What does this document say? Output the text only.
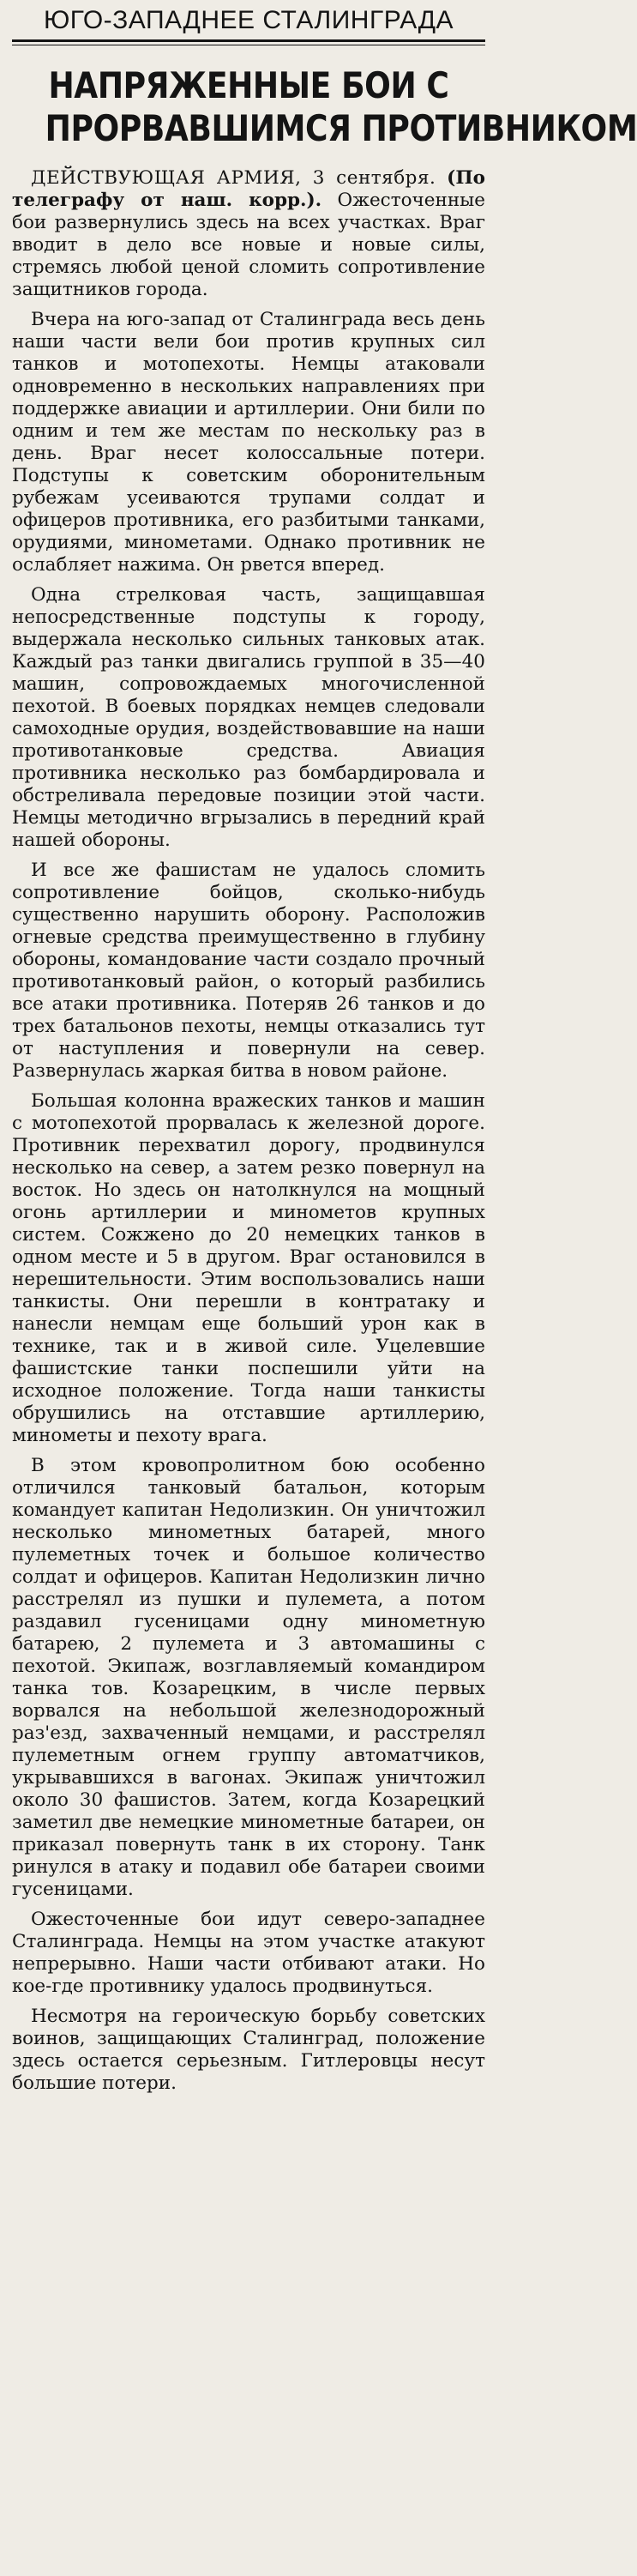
ЮГО-ЗАПАДНЕЕ СТАЛИНГРАДА
НАПРЯЖЕННЫЕ БОИ С
ПРОРВАВШИМСЯ ПРОТИВНИКОМ

ДЕЙСТВУЮЩАЯ АРМИЯ, 3 сентября. (По телеграфу от наш. корр.). Ожесточенные бои развернулись здесь на всех участках. Враг вводит в дело все новые и новые силы, стремясь любой ценой сломить сопротивление защитников города.

Вчера на юго-запад от Сталинграда весь день наши части вели бои против крупных сил танков и мотопехоты. Немцы атаковали одновременно в нескольких направлениях при поддержке авиации и артиллерии. Они били по одним и тем же местам по нескольку раз в день. Враг несет колоссальные потери. Подступы к советским оборонительным рубежам усеиваются трупами солдат и офицеров противника, его разбитыми танками, орудиями, минометами. Однако противник не ослабляет нажима. Он рвется вперед.

Одна стрелковая часть, защищавшая непосредственные подступы к городу, выдержала несколько сильных танковых атак. Каждый раз танки двигались группой в 35—40 машин, сопровождаемых многочисленной пехотой. В боевых порядках немцев следовали самоходные орудия, воздействовавшие на наши противотанковые средства. Авиация противника несколько раз бомбардировала и обстреливала передовые позиции этой части. Немцы методично вгрызались в передний край нашей обороны.

И все же фашистам не удалось сломить сопротивление бойцов, сколько-нибудь существенно нарушить оборону. Расположив огневые средства преимущественно в глубину обороны, командование части создало прочный противотанковый район, о который разбились все атаки противника. Потеряв 26 танков и до трех батальонов пехоты, немцы отказались тут от наступления и повернули на север. Развернулась жаркая битва в новом районе.

Большая колонна вражеских танков и машин с мотопехотой прорвалась к железной дороге. Противник перехватил дорогу, продвинулся несколько на север, а затем резко повернул на восток. Но здесь он натолкнулся на мощный огонь артиллерии и минометов крупных систем. Сожжено до 20 немецких танков в одном месте и 5 в другом. Враг остановился в нерешительности. Этим воспользовались наши танкисты. Они перешли в контратаку и нанесли немцам еще больший урон как в технике, так и в живой силе. Уцелевшие фашистские танки поспешили уйти на исходное положение. Тогда наши танкисты обрушились на отставшие артиллерию, минометы и пехоту врага.

В этом кровопролитном бою особенно отличился танковый батальон, которым командует капитан Недолизкин. Он уничтожил несколько минометных батарей, много пулеметных точек и большое количество солдат и офицеров. Капитан Недолизкин лично расстрелял из пушки и пулемета, а потом раздавил гусеницами одну минометную батарею, 2 пулемета и 3 автомашины с пехотой. Экипаж, возглавляемый командиром танка тов. Козарецким, в числе первых ворвался на небольшой железнодорожный раз'езд, захваченный немцами, и расстрелял пулеметным огнем группу автоматчиков, укрывавшихся в вагонах. Экипаж уничтожил около 30 фашистов. Затем, когда Козарецкий заметил две немецкие минометные батареи, он приказал повернуть танк в их сторону. Танк ринулся в атаку и подавил обе батареи своими гусеницами.

Ожесточенные бои идут северо-западнее Сталинграда. Немцы на этом участке атакуют непрерывно. Наши части отбивают атаки. Но кое-где противнику удалось продвинуться.

Несмотря на героическую борьбу советских воинов, защищающих Сталинград, положение здесь остается серьезным. Гитлеровцы несут большие потери.
